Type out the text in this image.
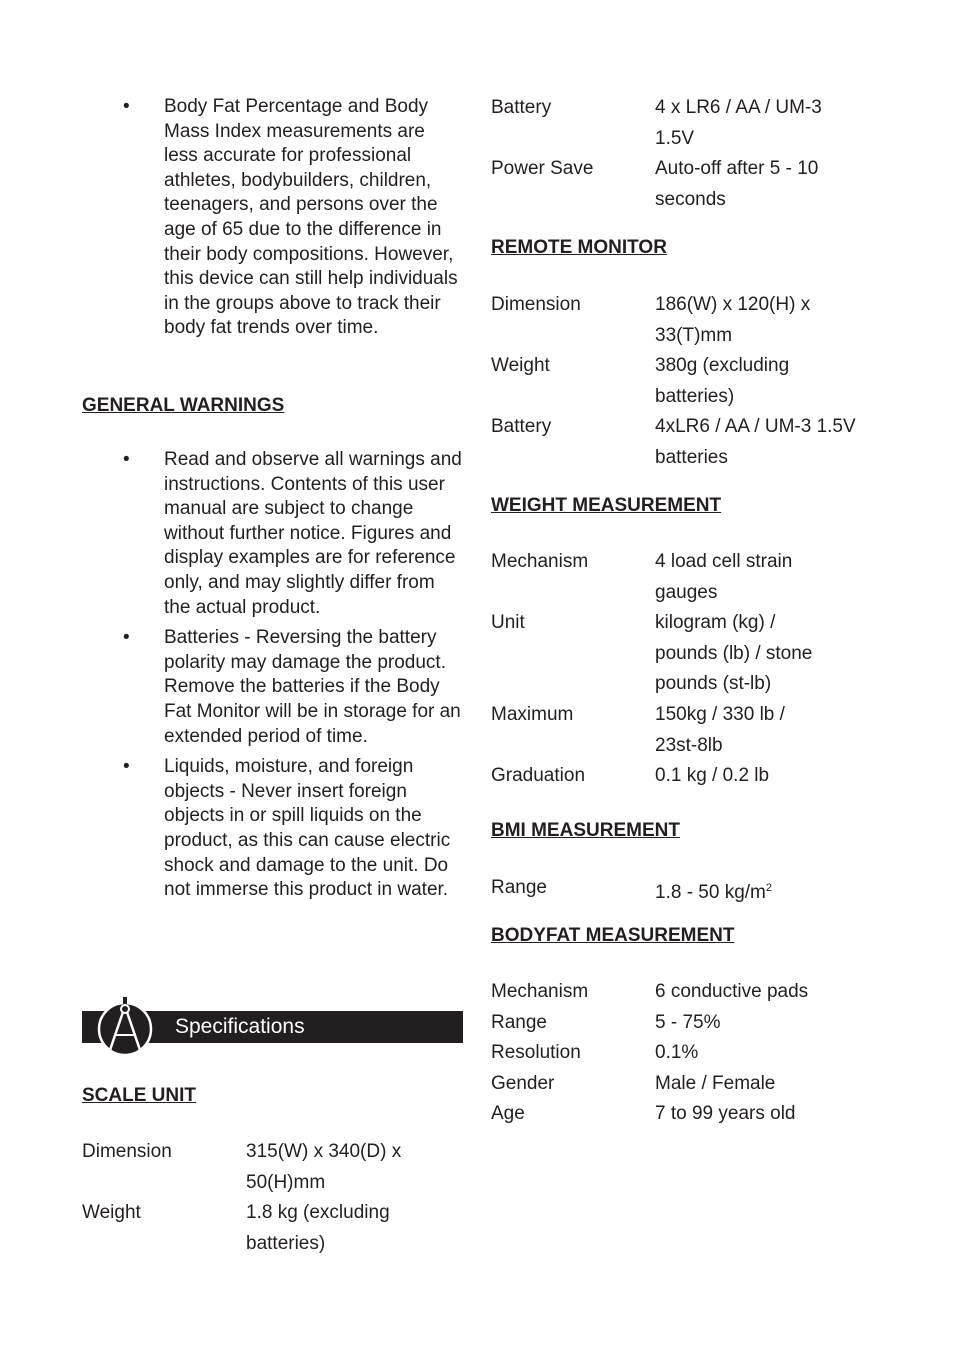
• Body Fat Percentage and Body Mass Index measurements are less accurate for professional athletes, bodybuilders, children, teenagers, and persons over the age of 65 due to the difference in their body compositions. However, this device can still help individuals in the groups above to track their body fat trends over time.
GENERAL WARNINGS
• Read and observe all warnings and instructions. Contents of this user manual are subject to change without further notice. Figures and display examples are for reference only, and may slightly differ from the actual product.
• Batteries - Reversing the battery polarity may damage the product. Remove the batteries if the Body Fat Monitor will be in storage for an extended period of time.
• Liquids, moisture, and foreign objects - Never insert foreign objects in or spill liquids on the product, as this can cause electric shock and damage to the unit. Do not immerse this product in water.
Specifications
SCALE UNIT
Dimension	315(W) x 340(D) x 50(H)mm
Weight	1.8 kg (excluding batteries)
Battery	4 x LR6 / AA / UM-3 1.5V
Power Save	Auto-off after 5 - 10 seconds
REMOTE MONITOR
Dimension	186(W) x 120(H) x 33(T)mm
Weight	380g (excluding batteries)
Battery	4xLR6 / AA / UM-3 1.5V batteries
WEIGHT MEASUREMENT
Mechanism	4 load cell strain gauges
Unit	kilogram (kg) / pounds (lb) / stone pounds (st-lb)
Maximum	150kg / 330 lb / 23st-8lb
Graduation	0.1 kg / 0.2 lb
BMI MEASUREMENT
Range	1.8 - 50 $kg/m^2$
BODYFAT MEASUREMENT
Mechanism	6 conductive pads
Range	5 - 75%
Resolution	0.1%
Gender	Male / Female
Age	7 to 99 years old
